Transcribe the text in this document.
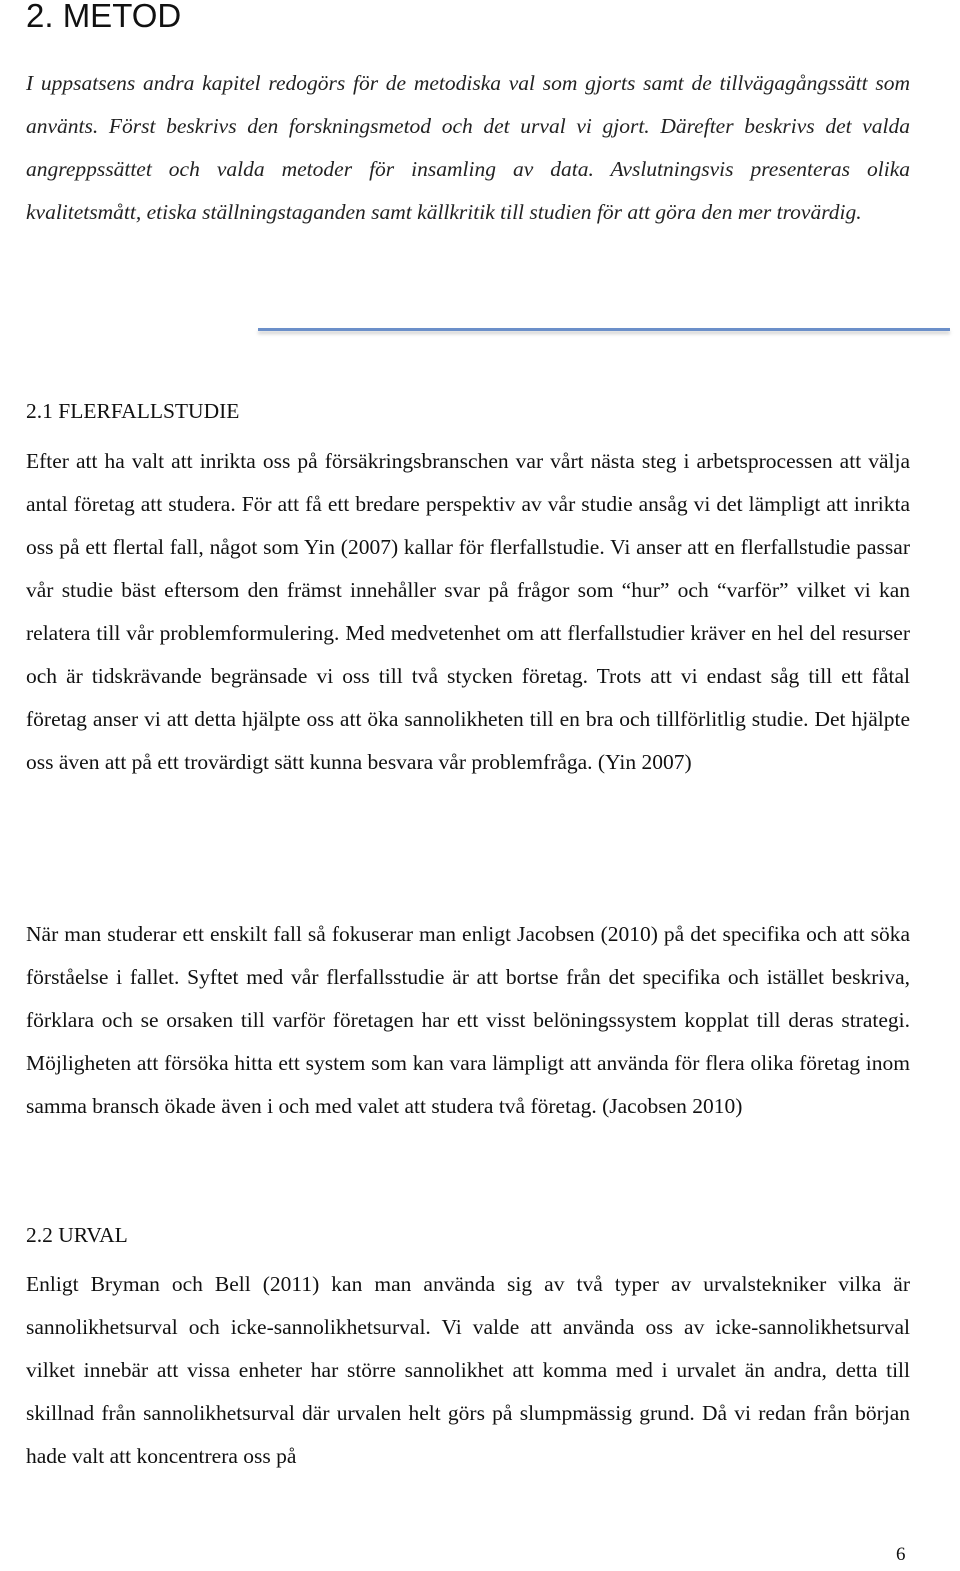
2. METOD

I uppsatsens andra kapitel redogörs för de metodiska val som gjorts samt de tillvägagångssätt som använts. Först beskrivs den forskningsmetod och det urval vi gjort. Därefter beskrivs det valda angreppssättet och valda metoder för insamling av data. Avslutningsvis presenteras olika kvalitetsmått, etiska ställningstaganden samt källkritik till studien för att göra den mer trovärdig.

2.1 FLERFALLSTUDIE

Efter att ha valt att inrikta oss på försäkringsbranschen var vårt nästa steg i arbetsprocessen att välja antal företag att studera. För att få ett bredare perspektiv av vår studie ansåg vi det lämpligt att inrikta oss på ett flertal fall, något som Yin (2007) kallar för flerfallstudie. Vi anser att en flerfallstudie passar vår studie bäst eftersom den främst innehåller svar på frågor som “hur” och “varför” vilket vi kan relatera till vår problemformulering. Med medvetenhet om att flerfallstudier kräver en hel del resurser och är tidskrävande begränsade vi oss till två stycken företag. Trots att vi endast såg till ett fåtal företag anser vi att detta hjälpte oss att öka sannolikheten till en bra och tillförlitlig studie. Det hjälpte oss även att på ett trovärdigt sätt kunna besvara vår problemfråga. (Yin 2007)

När man studerar ett enskilt fall så fokuserar man enligt Jacobsen (2010) på det specifika och att söka förståelse i fallet. Syftet med vår flerfallsstudie är att bortse från det specifika och istället beskriva, förklara och se orsaken till varför företagen har ett visst belöningssystem kopplat till deras strategi. Möjligheten att försöka hitta ett system som kan vara lämpligt att använda för flera olika företag inom samma bransch ökade även i och med valet att studera två företag. (Jacobsen 2010)

2.2 URVAL

Enligt Bryman och Bell (2011) kan man använda sig av två typer av urvalstekniker vilka är sannolikhetsurval och icke-sannolikhetsurval. Vi valde att använda oss av icke-sannolikhetsurval vilket innebär att vissa enheter har större sannolikhet att komma med i urvalet än andra, detta till skillnad från sannolikhetsurval där urvalen helt görs på slumpmässig grund. Då vi redan från början hade valt att koncentrera oss på

6
